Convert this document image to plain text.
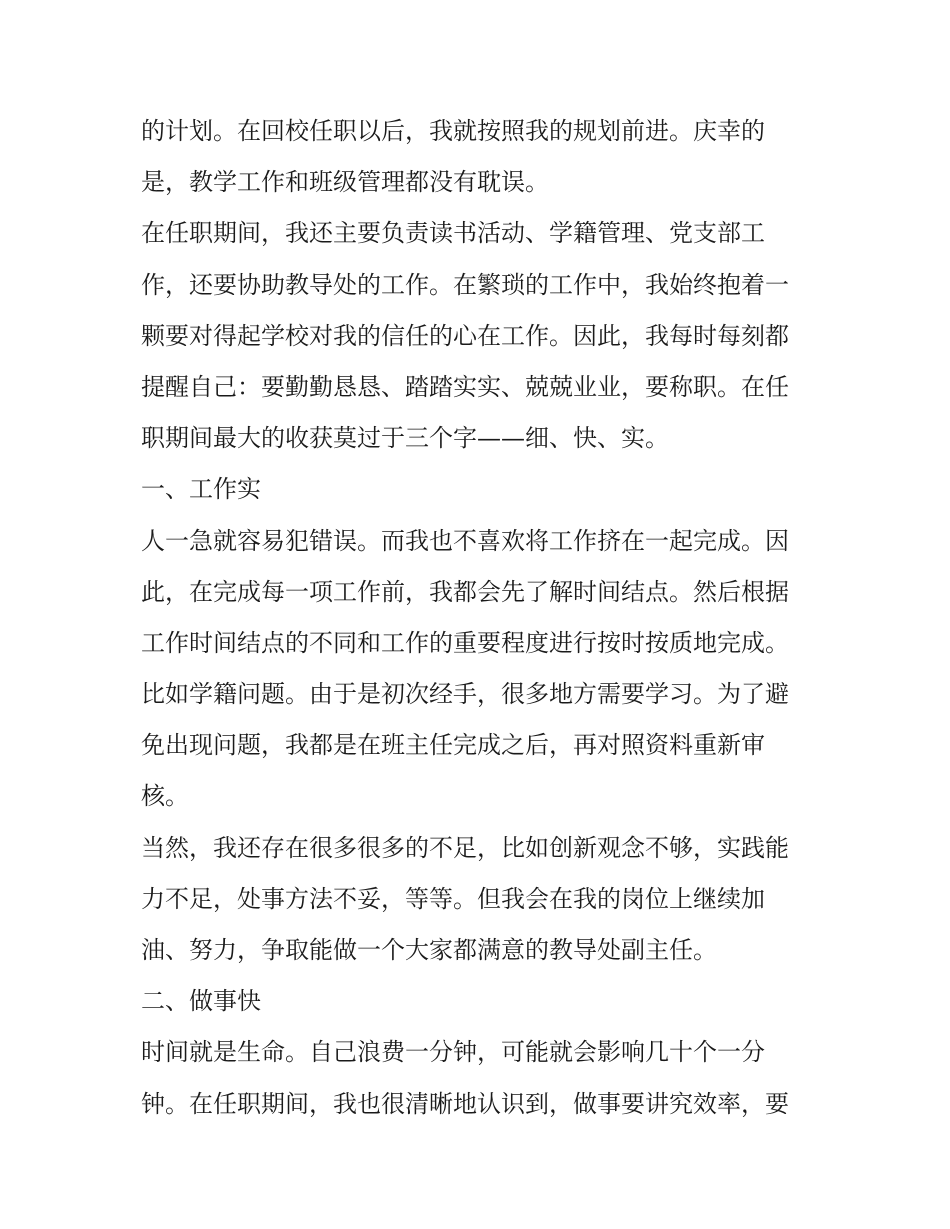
的计划。在回校任职以后，我就按照我的规划前进。庆幸的
是，教学工作和班级管理都没有耽误。
在任职期间，我还主要负责读书活动、学籍管理、党支部工
作，还要协助教导处的工作。在繁琐的工作中，我始终抱着一
颗要对得起学校对我的信任的心在工作。因此，我每时每刻都
提醒自己：要勤勤恳恳、踏踏实实、兢兢业业，要称职。在任
职期间最大的收获莫过于三个字——细、快、实。
一、工作实
人一急就容易犯错误。而我也不喜欢将工作挤在一起完成。因
此，在完成每一项工作前，我都会先了解时间结点。然后根据
工作时间结点的不同和工作的重要程度进行按时按质地完成。
比如学籍问题。由于是初次经手，很多地方需要学习。为了避
免出现问题，我都是在班主任完成之后，再对照资料重新审
核。
当然，我还存在很多很多的不足，比如创新观念不够，实践能
力不足，处事方法不妥，等等。但我会在我的岗位上继续加
油、努力，争取能做一个大家都满意的教导处副主任。
二、做事快
时间就是生命。自己浪费一分钟，可能就会影响几十个一分
钟。在任职期间，我也很清晰地认识到，做事要讲究效率，要
